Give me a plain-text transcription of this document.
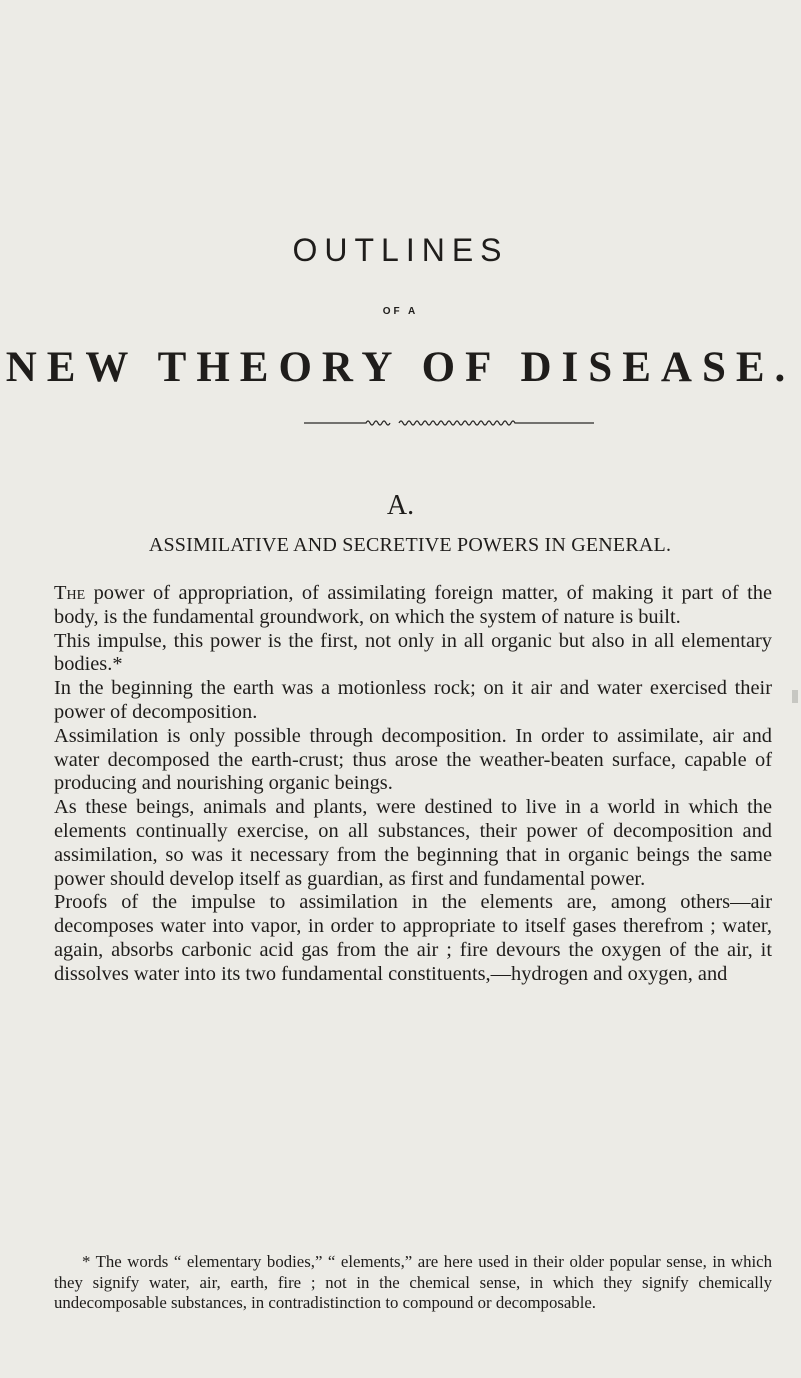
OUTLINES
OF A
NEW THEORY OF DISEASE.
A.
ASSIMILATIVE AND SECRETIVE POWERS IN GENERAL.

The power of appropriation, of assimilating foreign matter, of making it part of the body, is the fundamental groundwork, on which the system of nature is built.

This impulse, this power is the first, not only in all organic but also in all elementary bodies.*

In the beginning the earth was a motionless rock; on it air and water exercised their power of decomposition.

Assimilation is only possible through decomposition. In order to assimilate, air and water decomposed the earth-crust; thus arose the weather-beaten surface, capable of producing and nourishing organic beings.

As these beings, animals and plants, were destined to live in a world in which the elements continually exercise, on all substances, their power of decomposition and assimilation, so was it necessary from the beginning that in organic beings the same power should develop itself as guardian, as first and fundamental power.

Proofs of the impulse to assimilation in the elements are, among others—air decomposes water into vapor, in order to appropriate to itself gases therefrom ; water, again, absorbs carbonic acid gas from the air ; fire devours the oxygen of the air, it dissolves water into its two fundamental constituents,—hydrogen and oxygen, and

* The words “ elementary bodies,” “ elements,” are here used in their older popular sense, in which they signify water, air, earth, fire ; not in the chemical sense, in which they signify chemically undecomposable substances, in contradistinction to compound or decomposable.
